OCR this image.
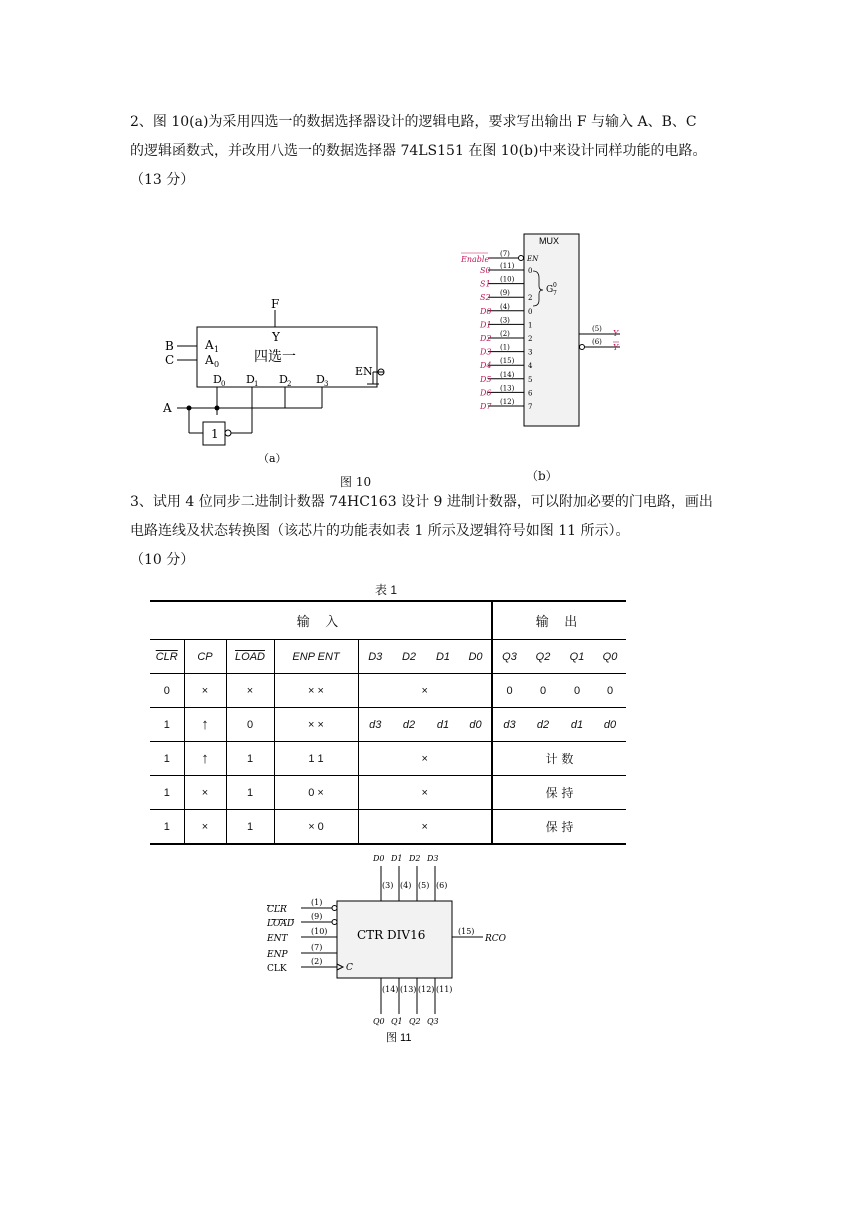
2、图 10(a)为采用四选一的数据选择器设计的逻辑电路，要求写出输出 F 与输入 A、B、C

的逻辑函数式，并改用八选一的数据选择器 74LS151 在图 10(b)中来设计同样功能的电路。

（13 分）

F
Y
B
C
A
A 1
A 0 四选一
EN
D 0 D 1 D 2 D 3
1
（a）
MUX
Enable
(7)
EN
S0 (11)
0
S1 (10)
S2 (9)
2
D0 (4)
0
D1 (3)
1
D2 (2)
2
D3 (1)
3
D4 (15)
4
D5 (14)
5
D6 (13)
6
D7 (12)
7
G 0
7
(5) Y
(6)
Y
（b）
图 10

3、试用 4 位同步二进制计数器 74HC163 设计 9 进制计数器，可以附加必要的门电路，画出

电路连线及状态转换图（该芯片的功能表如表 1 所示及逻辑符号如图 11 所示）。

（10 分）

表 1
输 入								输 出			
$\overline{CLR}$	CP	LOAD	ENP ENT	D3	D2	D1	D0	Q3	Q2	Q1	Q0
0	×	×	× ×	×				0	0	0	0
1	↑	0	× ×	d3	d2	d1	d0	d3	d2	d1	d0
1	↑	1	1 1	×				计 数			
1	×	1	0 ×	×				保 持			
1	×	1	× 0	×				保 持			
CTR DIV16
D0
(3)
(14)
Q0
D1
(4)
(13)
Q1
D2
(5)
(12)
Q2
D3
(6)
(11)
Q3
CLR
(1)
LOAD
(9)
ENT
(10)
ENP
(7)
CLK
(2)
(15)
RCO
C
图 11
